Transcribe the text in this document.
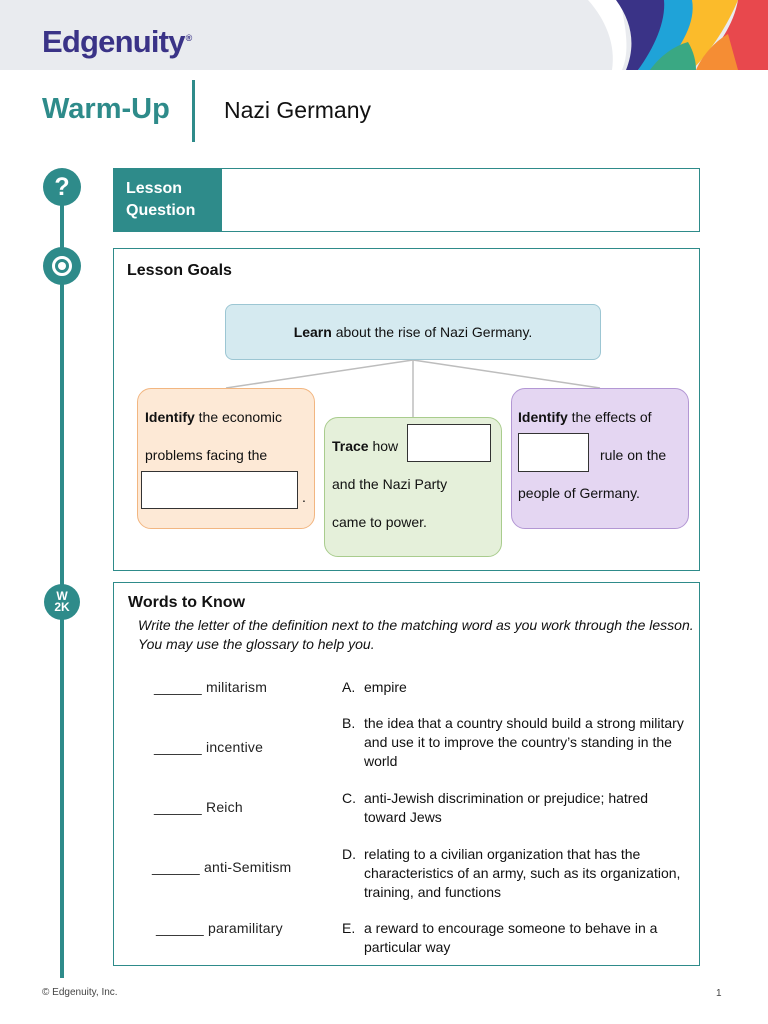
Edgenuity®
Warm-Up Nazi Germany
?
W
2K
Lesson
Question
Lesson Goals
Learn about the rise of Nazi Germany.
Identify the economic
problems facing the
.
Trace how
and the Nazi Party
came to power.
Identify the effects of
rule on the
people of Germany.
Words to Know
Write the letter of the definition next to the matching word as you work through the lesson. You may use the glossary to help you.
______ militarism
______ incentive
______ Reich
______ anti-Semitism
______ paramilitary
A. empire
B. the idea that a country should build a strong military and use it to improve the country’s standing in the world
C. anti-Jewish discrimination or prejudice; hatred toward Jews
D. relating to a civilian organization that has the characteristics of an army, such as its organization, training, and functions
E. a reward to encourage someone to behave in a particular way
© Edgenuity, Inc.	1
